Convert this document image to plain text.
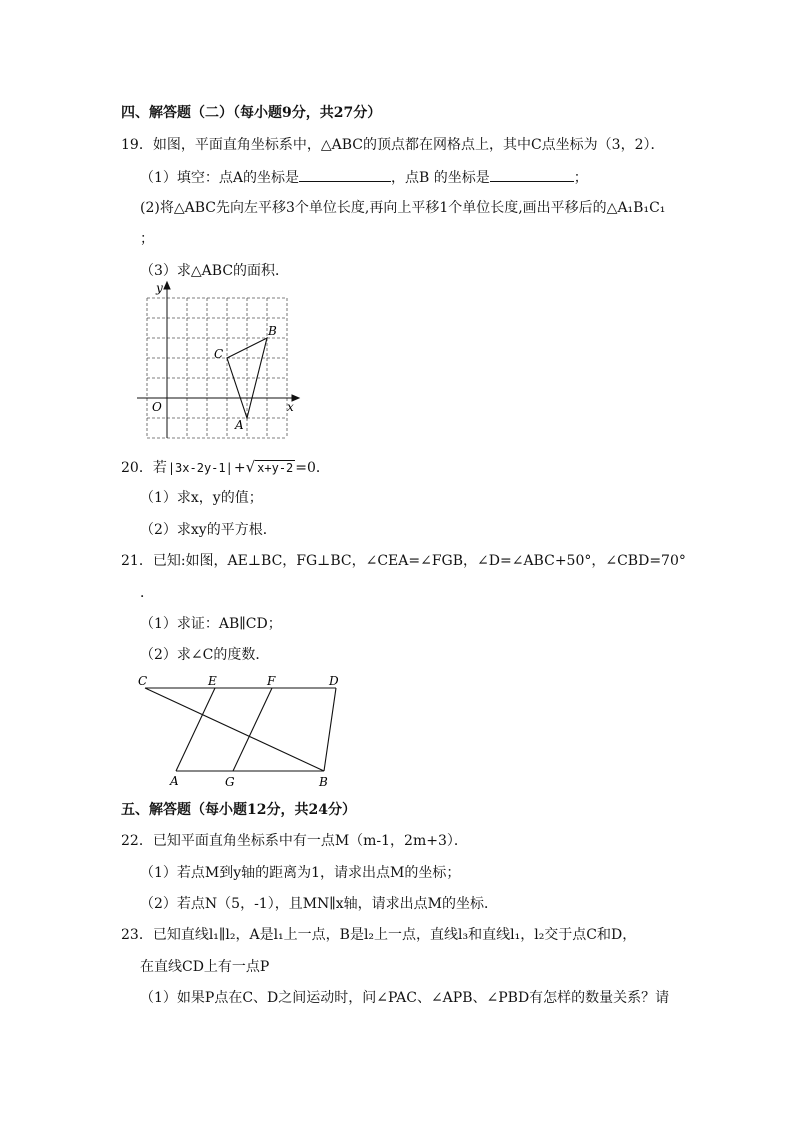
四、解答题（二）（每小题9分，共27分）
19．如图，平面直角坐标系中，△ABC的顶点都在网格点上，其中C点坐标为（3，2）．
（1）填空：点A的坐标是	，点B 的坐标是	；
(2)将△ABC先向左平移3个单位长度,再向上平移1个单位长度,画出平移后的△A₁B₁C₁
；
（3）求△ABC的面积．
y
x
O
A
B
C
20．若|3x-2y-1|+√ x+y-2 =0．
（1）求x，y的值；
（2）求xy的平方根．
21．已知:如图，AE⊥BC，FG⊥BC，∠CEA=∠FGB，∠D=∠ABC+50°，∠CBD=70°
．
（1）求证：AB∥CD；
（2）求∠C的度数．
C	E	F	D
A	G	B
五、解答题（每小题12分，共24分）
22．已知平面直角坐标系中有一点M（m-1，2m+3）．
（1）若点M到y轴的距离为1，请求出点M的坐标；
（2）若点N（5，-1），且MN∥x轴，请求出点M的坐标．
23．已知直线l₁∥l₂，A是l₁上一点，B是l₂上一点，直线l₃和直线l₁，l₂交于点C和D，
在直线CD上有一点P
（1）如果P点在C、D之间运动时，问∠PAC、∠APB、∠PBD有怎样的数量关系？请
